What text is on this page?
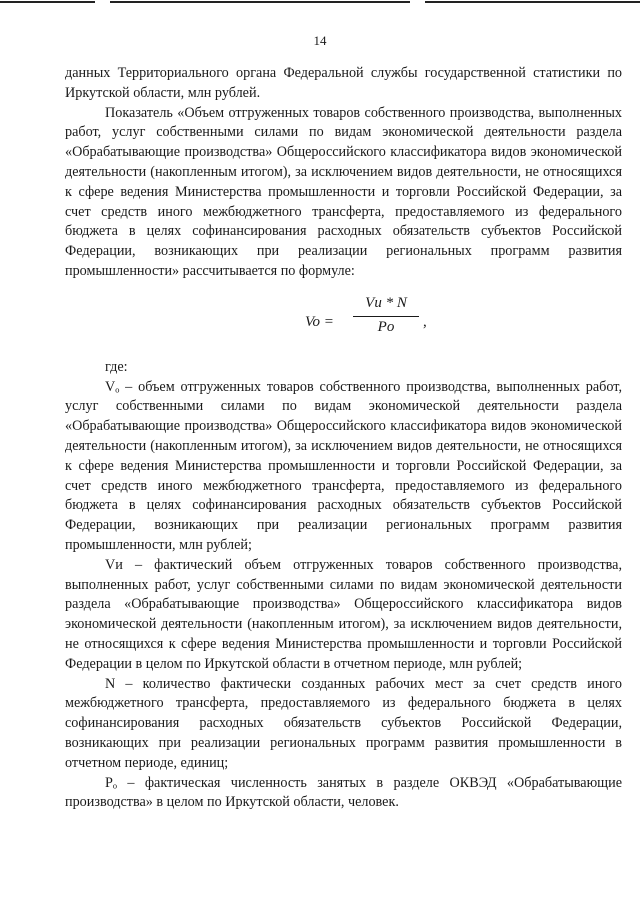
14

данных Территориального органа Федеральной службы государственной статистики по Иркутской области, млн рублей.

Показатель «Объем отгруженных товаров собственного производства, выполненных работ, услуг собственными силами по видам экономической деятельности раздела «Обрабатывающие производства» Общероссийского классификатора видов экономической деятельности (накопленным итогом), за исключением видов деятельности, не относящихся к сфере ведения Министерства промышленности и торговли Российской Федерации, за счет средств иного межбюджетного трансферта, предоставляемого из федерального бюджета в целях софинансирования расходных обязательств субъектов Российской Федерации, возникающих при реализации региональных программ развития промышленности» рассчитывается по формуле:

Vo =
Vи * N
Po	,

где:

Vₒ – объем отгруженных товаров собственного производства, выполненных работ, услуг собственными силами по видам экономической деятельности раздела «Обрабатывающие производства» Общероссийского классификатора видов экономической деятельности (накопленным итогом), за исключением видов деятельности, не относящихся к сфере ведения Министерства промышленности и торговли Российской Федерации, за счет средств иного межбюджетного трансферта, предоставляемого из федерального бюджета в целях софинансирования расходных обязательств субъектов Российской Федерации, возникающих при реализации региональных программ развития промышленности, млн рублей;

Vи – фактический объем отгруженных товаров собственного производства, выполненных работ, услуг собственными силами по видам экономической деятельности раздела «Обрабатывающие производства» Общероссийского классификатора видов экономической деятельности (накопленным итогом), за исключением видов деятельности, не относящихся к сфере ведения Министерства промышленности и торговли Российской Федерации в целом по Иркутской области в отчетном периоде, млн рублей;

N – количество фактически созданных рабочих мест за счет средств иного межбюджетного трансферта, предоставляемого из федерального бюджета в целях софинансирования расходных обязательств субъектов Российской Федерации, возникающих при реализации региональных программ развития промышленности в отчетном периоде, единиц;

Pₒ – фактическая численность занятых в разделе ОКВЭД «Обрабатывающие производства» в целом по Иркутской области, человек.
